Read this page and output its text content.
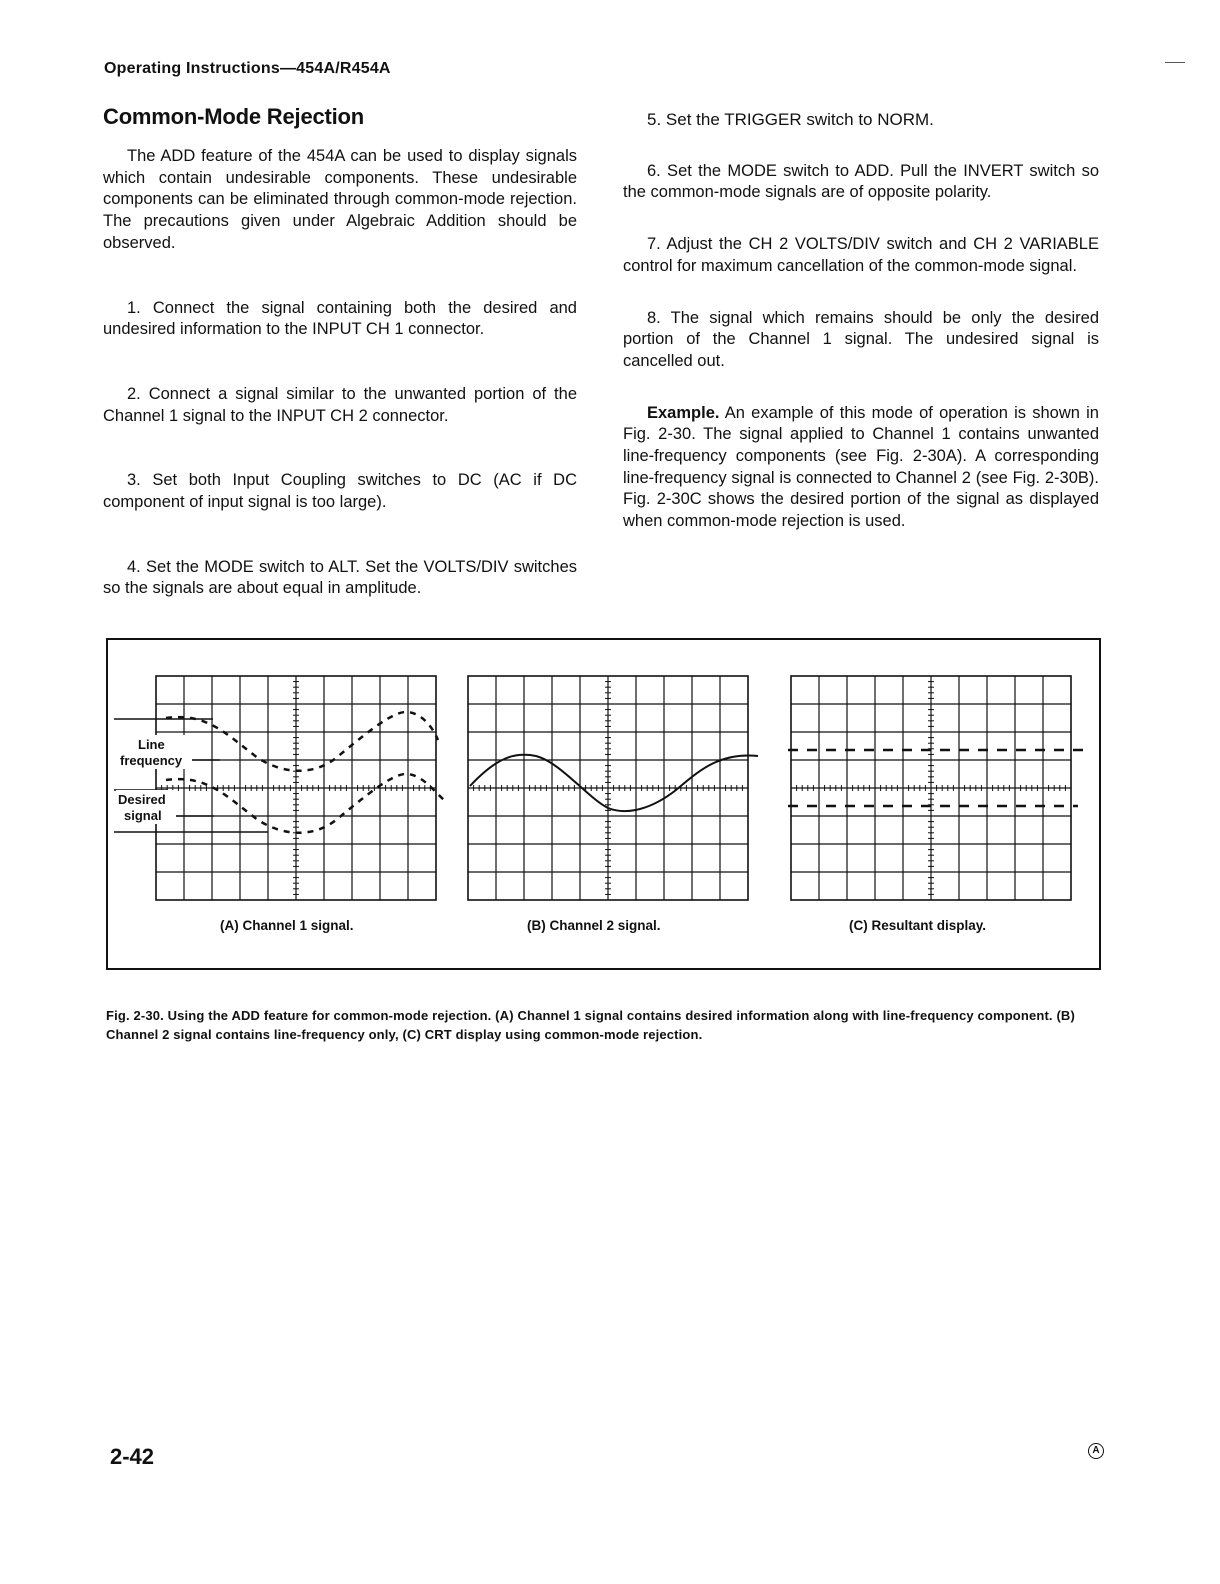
Operating Instructions—454A/R454A
Common-Mode Rejection

The ADD feature of the 454A can be used to display signals which contain undesirable components. These undesirable components can be eliminated through common-mode rejection. The precautions given under Algebraic Addition should be observed.

1. Connect the signal containing both the desired and undesired information to the INPUT CH 1 connector.

2. Connect a signal similar to the unwanted portion of the Channel 1 signal to the INPUT CH 2 connector.

3. Set both Input Coupling switches to DC (AC if DC component of input signal is too large).

4. Set the MODE switch to ALT. Set the VOLTS/DIV switches so the signals are about equal in amplitude.

5. Set the TRIGGER switch to NORM.

6. Set the MODE switch to ADD. Pull the INVERT switch so the common-mode signals are of opposite polarity.

7. Adjust the CH 2 VOLTS/DIV switch and CH 2 VARIABLE control for maximum cancellation of the common-mode signal.

8. The signal which remains should be only the desired portion of the Channel 1 signal. The undesired signal is cancelled out.

Example. An example of this mode of operation is shown in Fig. 2-30. The signal applied to Channel 1 contains unwanted line-frequency components (see Fig. 2-30A). A corresponding line-frequency signal is connected to Channel 2 (see Fig. 2-30B). Fig. 2-30C shows the desired portion of the signal as displayed when common-mode rejection is used.

Line
frequency
Desired
signal
(A) Channel 1 signal.	(B) Channel 2 signal.	(C) Resultant display.
Fig. 2-30. Using the ADD feature for common-mode rejection. (A) Channel 1 signal contains desired information along with line-frequency component. (B) Channel 2 signal contains line-frequency only, (C) CRT display using common-mode rejection.
2-42	A
